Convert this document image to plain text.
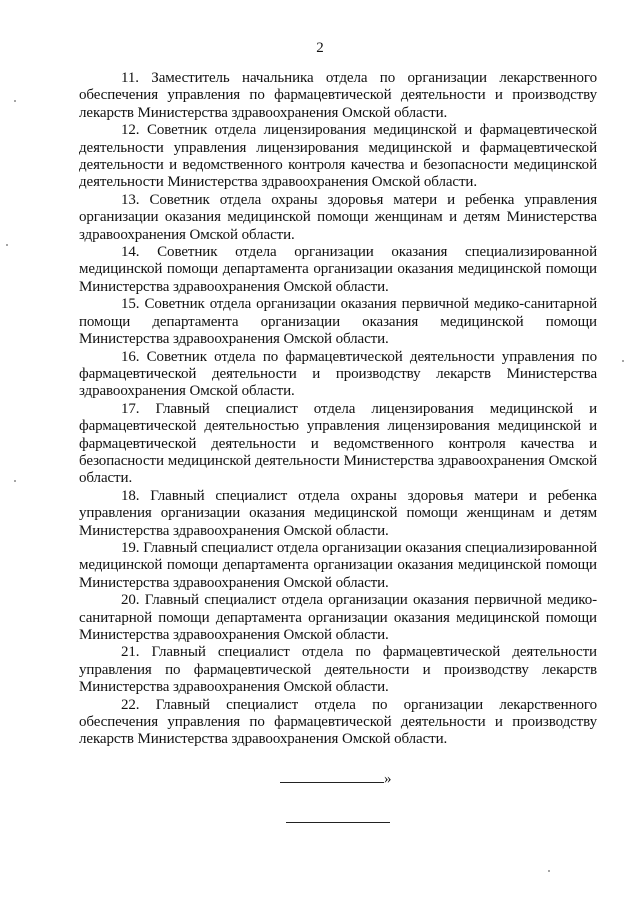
2

11. Заместитель начальника отдела по организации лекарственного обеспечения управления по фармацевтической деятельности и производству лекарств Министерства здравоохранения Омской области.

12. Советник отдела лицензирования медицинской и фармацевтической деятельности управления лицензирования медицинской и фармацевтической деятельности и ведомственного контроля качества и безопасности медицинской деятельности Министерства здравоохранения Омской области.

13. Советник отдела охраны здоровья матери и ребенка управления организации оказания медицинской помощи женщинам и детям Министерства здравоохранения Омской области.

14. Советник отдела организации оказания специализированной медицинской помощи департамента организации оказания медицинской помощи Министерства здравоохранения Омской области.

15. Советник отдела организации оказания первичной медико-санитарной помощи департамента организации оказания медицинской помощи Министерства здравоохранения Омской области.

16. Советник отдела по фармацевтической деятельности управления по фармацевтической деятельности и производству лекарств Министерства здравоохранения Омской области.

17. Главный специалист отдела лицензирования медицинской и фармацевтической деятельностью управления лицензирования медицинской и фармацевтической деятельности и ведомственного контроля качества и безопасности медицинской деятельности Министерства здравоохранения Омской области.

18. Главный специалист отдела охраны здоровья матери и ребенка управления организации оказания медицинской помощи женщинам и детям Министерства здравоохранения Омской области.

19. Главный специалист отдела организации оказания специализированной медицинской помощи департамента организации оказания медицинской помощи Министерства здравоохранения Омской области.

20. Главный специалист отдела организации оказания первичной медико-санитарной помощи департамента организации оказания медицинской помощи Министерства здравоохранения Омской области.

21. Главный специалист отдела по фармацевтической деятельности управления по фармацевтической деятельности и производству лекарств Министерства здравоохранения Омской области.

22. Главный специалист отдела по организации лекарственного обеспечения управления по фармацевтической деятельности и производству лекарств Министерства здравоохранения Омской области.

»
